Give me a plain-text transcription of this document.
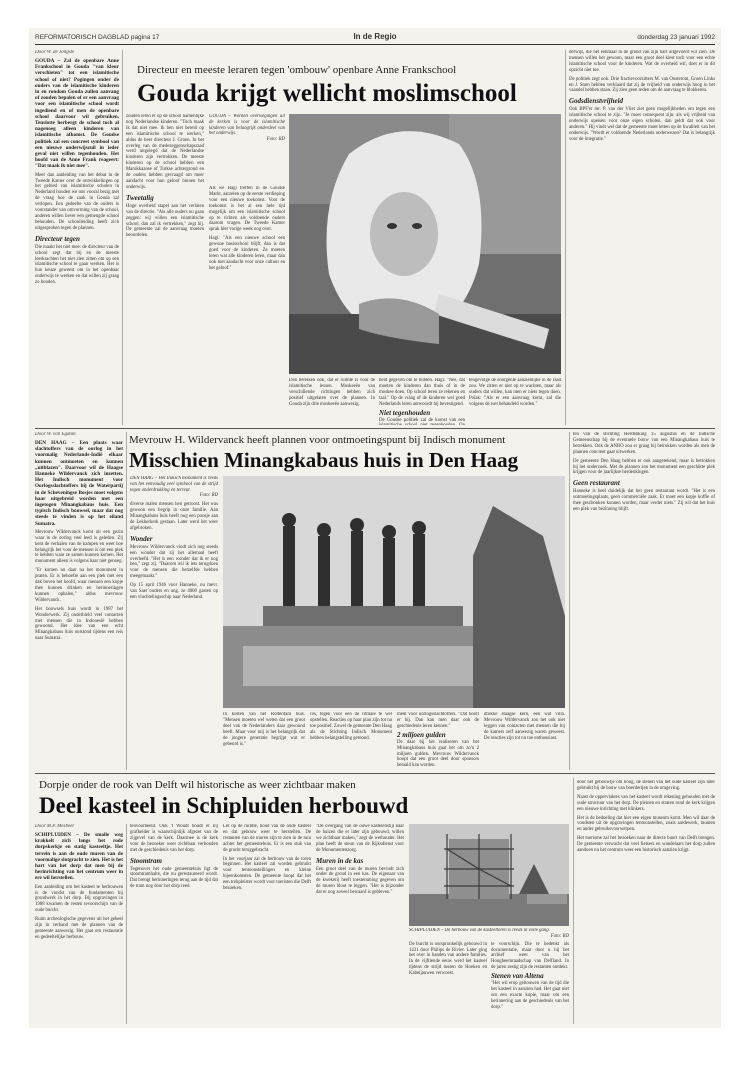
REFORMATORISCH DAGBLAD pagina 17	In de Regio	donderdag 23 januari 1992
Door W. de Jongste
GOUDA – Zal de openbare Anne Frankschool in Gouda "van kleur verschieten" tot een islamitische school of niet? Pogingen onder de ouders van de islamitische kinderen in en rondom Gouda zullen aanvang of zouden bepalen of er een aanvraag voor een islamitische school wordt ingediend en of men de openbare school daarvoor wil gebruiken. Tenslotte herbergt de school toch al nagenoeg alleen kinderen van islamitische afkomst. De Goudse politiek zal een concreet symbool van een nieuwe onderwijszuil in ieder geval niet willen tegenhouden. Het hoofd van de Anne Frank reageert: "Dat maak ik niet mee".

Meer dan aanleiding van het debat in de Tweede Kamer over de ontwikkelingen op het gebied van islamitische scholen in Nederland houden we ons vooral bezig met de vraag hoe de zaak in Gouda zal verlopen. Een gedeelte van de ouders is voorstander van omvorming van de school, anderen willen liever een gemengde school behouden. De schoolleiding heeft zich uitgesproken tegen de plannen.

Directeur tegen

Die maakt het niet mee: de directeur van de school zegt dat hij en de meeste leerkrachten het niet zien zitten om op een islamitische school te gaan werken. Het is hun keuze geweest om in het openbaar onderwijs te werken en dat willen zij graag zo houden.

Directeur en meeste leraren tegen 'ombouw' openbare Anne Frankschool
Gouda krijgt wellicht moslimschool

zouden ieren er op de school namenlijke nog Nederlandse kinderen. "Toch maak ik dat niet mee. Ik ben niet bereid op een islamitische school te werken," aldus de heer directeur J. Groen. In het overleg van de medezeggenschapsraad werd uitgelegd dat de Nederlandse kinderen zijn vertrokken. De meeste kinderen op de school hebben een Marokkaanse of Turkse achtergrond en de ouders hebben gevraagd om meer aandacht voor hun geloof binnen het onderwijs.

Tweetalig

Hoge overheid stapel aan het verlaten van de directie. "Als alle ouders nu gaan zeggen: wij willen een islamitische school, dan zal ik vertrekken," zegt hij. De gemeente zal de aanvraag moeten beoordelen.

GOUDA – Worden overwegingen uit de kerken is voor de islamitische kinderen van belangrijk onderdeel van het onderwijs.
Foto: RD

Als we Hagi treffen in de Goudse Markt, aarzelen op de eerste verdieping voor een nieuwe toekomst. Voor de toekomst is het al een hele tijd mogelijk om een islamitische school op te richten als voldoende ouders daarom vragen. De Tweede Kamer sprak hier vorige week nog over.

Hagi: "Als een nieuwe school een gewone basisschool blijft, dan is dat goed voor de kinderen. Ze moeten leren wat alle kinderen leren, maar dan ook met aandacht voor onze cultuur en het geloof."

Dan bereiken ook, dat er ruimte is voor de islamitische lessen. Moskeeën van verschillende richtingen hebben zich positief uitgelaten over de plannen. In Gouda zijn drie moskeeën aanwezig.

heid gegeven om te bidden. Hagi: "Nee, dat moeten de kinderen dan thuis of in de moskee doen. Op school leren ze rekenen en taal." Op de vraag of de kinderen wel goed Nederlands leren antwoordt hij bevestigend.

Niet tegenhouden

De Goudse politiek zal de komst van een

tengevolge de enorgente aanzienlijke in de raad zou. We zitten er niet op te wachten, maar als ouders dat willen, kan men er niets tegen doen. Polak: "Als er een aanvraag komt, zal die volgens de wet behandeld worden."

derwijs, die het eenmaal in de grond van zijn hart uitgevoerd wil zien. De mensen willen het gewoon, maar een groot deel kiest toch voor een echte islamitische school voor de kinderen. Wat de overheid wil, doet er in dit opzicht niet toe.

De politiek zegt ook. Drie fractievoorzitters M. van Oosterom, Groen Links en J. Stam hebben verklaard dat zij de vrijheid van onderwijs hoog in het vaandel hebben staan. Zij zien geen reden om de aanvraag te blokkeren.

Godsdienstvrijheid

Ook RPF'er mr. P. van der Vliet ziet geen mogelijkheden om tegen een islamitische school te zijn. "Je moet consequent zijn: als wij vrijheid van onderwijs opeisen voor onze eigen scholen, dan geldt dat ook voor anderen." Hij vindt wel dat de gemeente moet letten op de kwaliteit van het onderwijs. "Wordt er voldoende Nederlands onderwezen? Dat is belangrijk voor de integratie."

Mevrouw H. Wildervanck heeft plannen voor ontmoetingspunt bij Indisch monument
Misschien Minangkabaus huis in Den Haag
Door W. van Egdom
DEN HAAG – Een plaats waar slachtoffers van de oorlog in het voormalig Nederlands-Indië elkaar kunnen ontmoeten en kunnen „uitblazen". Daarvoor wil de Haagse Hanneke Wildervanck zich inzetten. Het Indisch monument voor Oorlogsslachtoffers bij de Waterpartij in de Scheveningse Bosjes moet volgens haar uitgebreid worden met een ingetogen Minangkabaus huis. Een typisch Indisch bouwsel, maar dat nog steeds te vinden is op het eiland Sumatra.

Mevrouw Wildervanck komt uit een gezin waar in de oorlog veel leed is geleden. Zij kent de verhalen van de kampen en weet hoe belangrijk het voor de mensen is om een plek te hebben waar ze samen kunnen komen. Het monument alleen is volgens haar niet genoeg.

"Er komen nu daar na het monument in praten. Er is behoefte aan een plek met een dak boven het hoofd, waar mensen een kopje thee kunnen drinken en herinneringen kunnen ophalen," aldus mevrouw Wildervanck.

Het bouwsels huis wordt in 1987 het Wonderwerk. Zij onderhield veel contacten met mensen die in Indonesië hebben gewoond. Het idee van een echt Minangkabaus huis ontstond tijdens een reis naar Sumatra.

DEN HAAG – Het Indisch monument is reeds van het eenvoudig veel symbool van de strijd tegen onderdrukking en terreur.
Foto: RD

diverse malen mensen hen getroost. Het was gewoon een begrip in onze familie. Aan Minangkabaus huis heeft nog een poosje aan de Lekkerkerk gestaan. Later werd het weer afgebroken.

Wonder

Mevrouw Wildervanck vindt zich nog steeds een wonder dat zij het allemaal heeft overleefd. "Het is een wonder dat ik er nog ben," zegt zij. "Daarom wil ik iets terugdoen voor de mensen die hetzelfde hebben meegemaakt."

Op 15 april 1946 voor Hanneke, nu mevr. van Saer ouders en ong. ze 4000 gasten op een vluchtelingsschip naar Nederland.

In kosten van het Rotterdam huis. "Mensen moeten wel weten dat een groot deel van de Nederlanders daar gewoond heeft. Maar voor mij is het belangrijk dat de jongere generatie begrijpt wat er gebeurd is."

ros, tegen voor een de ritmale te wel opstellen. Reacties op haar plan zijn tot nu toe positief. Zowel de gemeente Den Haag als de Stichting Indisch Monument hebben belangstelling getoond.

ment voor oorlogsslachtoffers. "Dat hoort er bij. Dan kan men daar ook de geschiedenis leren kennen."

2 miljoen gulden

De daar bij het realiseren van het Minangkabaus huis gaat het om zo'n 2 miljoen gulden. Mevrouw Wildervanck hoopt dat een groot deel door sponsors betaald kan worden.

drukke Haagse kern, een wat villa. Mevrouw Wildervanck zou het ook niet leggen van contacten met mensen die bij de kamers zelf aanwezig waren geweest. De reacties zijn tot nu toe enthousiast.

ten van de stichting Herdenking 15 augustus en de Indische Gemeenschap bij de eventuele bouw van een Minangkabaus huis te betrekken. Ook de ANBO zou er graag bij betrokken worden als men de plannen concreet gaat uitwerken.

De gemeente Den Haag hebben er ook aangetekend, maar is betrokken bij het onderzoek. Met de plannen zou het monument een geschikte plek krijgen voor de jaarlijkse herdenkingen.

Geen restaurant

Hanneke is heel duidelijk dat het geen restaurant wordt. "Het is een ontmoetingsplaats, geen commerciële zaak. Er moet een kopje koffie of thee geschonken kunnen worden, maar verder niets." Zij wil dat het huis een plek van bezinning blijft.

Dorpje onder de rook van Delft wil historische as weer zichtbaar maken
Deel kasteel in Schipluiden herbouwd
Door M.P. Mesbeet
SCHIPLUIDEN – De smalle weg krakkelt zich langs het rode dorpskerkje en statig kasteeltje. Het terrein is aan de oude muren van de voormalige slotgracht te zien. Het is het hart van het dorp dat men bij de herinrichting van het centrum weer in ere wil herstellen.

Een aanleiding om het kasteel te herbouwen is de vondst van de fundamenten bij grondwerk in het dorp. Bij opgravingen in 1988 kwamen de resten tevoorschijn van de oude burcht.

Ruim archeologische gegevens uit het geheel zijn in verband met de plannen van de gemeente aanwezig. Het gaat om restauratie en gedeeltelijke herbouw.

tenvoorbeeld. Ook 't Woudt houdt er bij grafkelder is waarschijnlijk afgezet van de zijgevel van de kerk. Daarmee is de kerk voor de bezoeker weer zichtbaar verbonden met de geschiedenis van het dorp.

Stoomtram

Tegenover het oude gemeentehuis ligt de stoomtramhalte, die nu gerestaureerd wordt. Dat brengt herinneringen terug aan de tijd dat de tram nog door het dorp reed.

Let op de ruimte, houd van de oude kasteel en dat gebouw weer te herstellen. De restanten van de muren zijn te zien in de tuin achter het gemeentehuis. Er is een stuk van de gracht teruggebracht.

In het voorjaar zal de herbouw van de toren beginnen. Het kasteel zal worden gebruikt voor tentoonstellingen en kleine bijeenkomsten. De gemeente hoopt dat het een trekpleister wordt voor toeristen die Delft bezoeken.

"De overgang van de ouwe kastelenstijl naar de huizen die er later zijn gebouwd, willen we zichtbaar maken," zegt de wethouder. Het plan heeft de steun van de Rijksdienst voor de Monumentenzorg.

Muren in de kas

Een groot deel van de muren bevindt zich onder de grond in een kas. De eigenaar van de kwekerij heeft toestemming gegeven om de muren bloot te leggen. "Het is bijzonder dat er nog zoveel bewaard is gebleven."

SCHIPLUIDEN – De herbouw van de kasteeltoren is reeds in volle gang.
Foto: RD

De burcht is oorspronkelijk gebouwd in 1431 door Philips de Rivier. Later ging het over in handen van andere families. In de vijftiende eeuw werd het kasteel tijdens de strijd tussen de Hoeken en Kabeljauwen verwoest.

te voorschijn. Die te bedenkt als documentatie, maar door u hij het archief weet van het Hoogheemraadschap van Delfland. In de jaren zestig zijn de restanten ontdekt.

Stenen van Altena

"Het wil erop gebouwen van de tijd die het kasteel in aanzien had. Het gaat niet om een exacte kopie, maar om een herinnering aan de geschiedenis van het dorp."

door het gebouwtje om hoog, de stenen van het oude kasteel zijn later gebruikt bij de bouw van boerderijen in de omgeving.

Naast de oppervlaktes van het kasteel wordt rekening gehouden met de oude structuur van het dorp. De pleinen en straten rond de kerk krijgen een nieuwe inrichting met klinkers.

Het is de bedoeling dat hier een eigen museum komt. Men wil daar de vondsten uit de opgravingen tentoonstellen, zoals aardewerk, munten en ander gebruiksvoorwerpen.

Het toerisme zal het bezoeken naar de directe buurt van Delft brengen. De gemeente verwacht dat veel fietsers en wandelaars het dorp zullen aandoen nu het centrum weer een historisch aanzien krijgt.
